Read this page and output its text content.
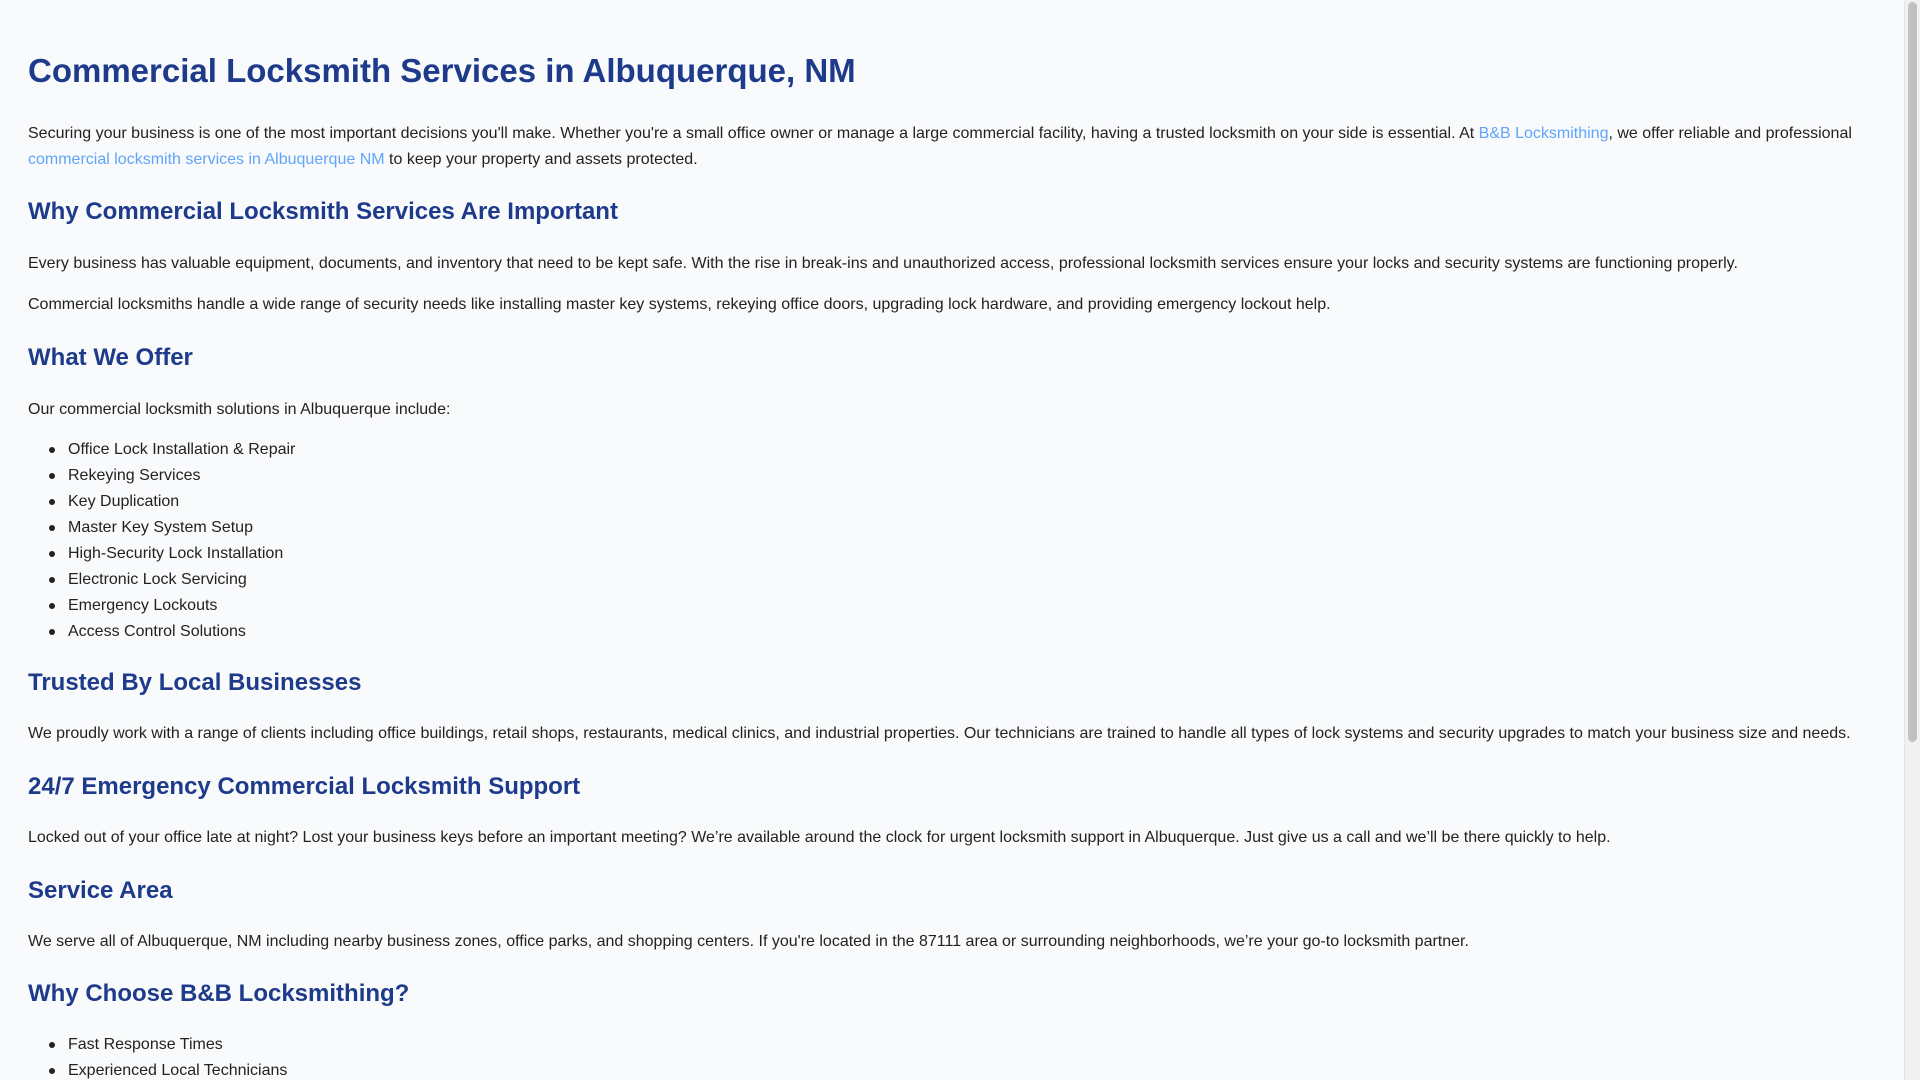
Commercial Locksmith Services in Albuquerque, NM

Securing your business is one of the most important decisions you'll make. Whether you're a small office owner or manage a large commercial facility, having a trusted locksmith on your side is essential. At B&B Locksmithing, we offer reliable and professional commercial locksmith services in Albuquerque NM to keep your property and assets protected.

Why Commercial Locksmith Services Are Important

Every business has valuable equipment, documents, and inventory that need to be kept safe. With the rise in break-ins and unauthorized access, professional locksmith services ensure your locks and security systems are functioning properly.

Commercial locksmiths handle a wide range of security needs like installing master key systems, rekeying office doors, upgrading lock hardware, and providing emergency lockout help.

What We Offer

Our commercial locksmith solutions in Albuquerque include:

Office Lock Installation & Repair
Rekeying Services
Key Duplication
Master Key System Setup
High-Security Lock Installation
Electronic Lock Servicing
Emergency Lockouts
Access Control Solutions
Trusted By Local Businesses

We proudly work with a range of clients including office buildings, retail shops, restaurants, medical clinics, and industrial properties. Our technicians are trained to handle all types of lock systems and security upgrades to match your business size and needs.

24/7 Emergency Commercial Locksmith Support

Locked out of your office late at night? Lost your business keys before an important meeting? We’re available around the clock for urgent locksmith support in Albuquerque. Just give us a call and we’ll be there quickly to help.

Service Area

We serve all of Albuquerque, NM including nearby business zones, office parks, and shopping centers. If you're located in the 87111 area or surrounding neighborhoods, we’re your go-to locksmith partner.

Why Choose B&B Locksmithing?
Fast Response Times
Experienced Local Technicians
